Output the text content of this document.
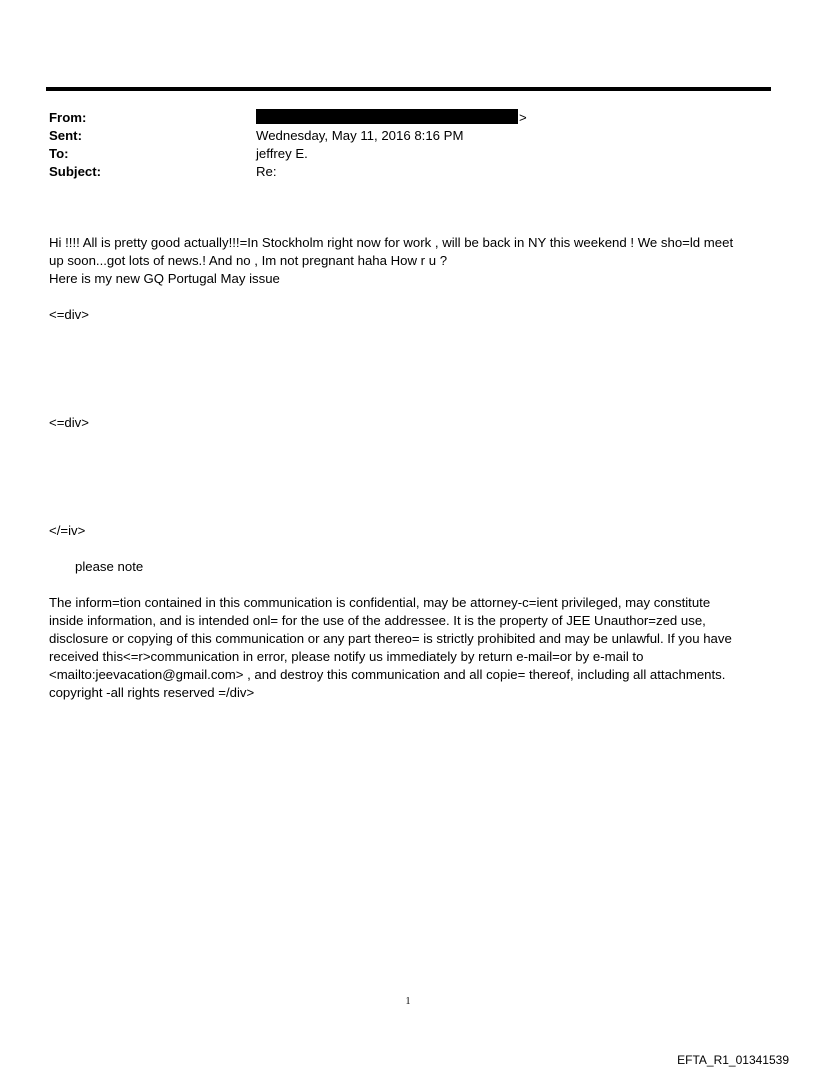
From:	>
Sent:	Wednesday, May 11, 2016 8:16 PM
To:	jeffrey E.
Subject:	Re:

Hi !!!! All is pretty good actually!!!=In Stockholm right now for work , will be back in NY this weekend ! We sho=ld meet

up soon...got lots of news.! And no , Im not pregnant haha How r u ?

Here is my new GQ Portugal May issue

<=div>

<=div>

</=iv>

please note

The inform=tion contained in this communication is confidential, may be attorney-c=ient privileged, may constitute

inside information, and is intended onl= for the use of the addressee. It is the property of JEE Unauthor=zed use,

disclosure or copying of this communication or any part thereo= is strictly prohibited and may be unlawful. If you have

received this<=r>communication in error, please notify us immediately by return e-mail=or by e-mail to

<mailto:jeevacation@gmail.com> , and destroy this communication and all copie= thereof, including all attachments.

copyright -all rights reserved =/div>

1
EFTA_R1_01341539
